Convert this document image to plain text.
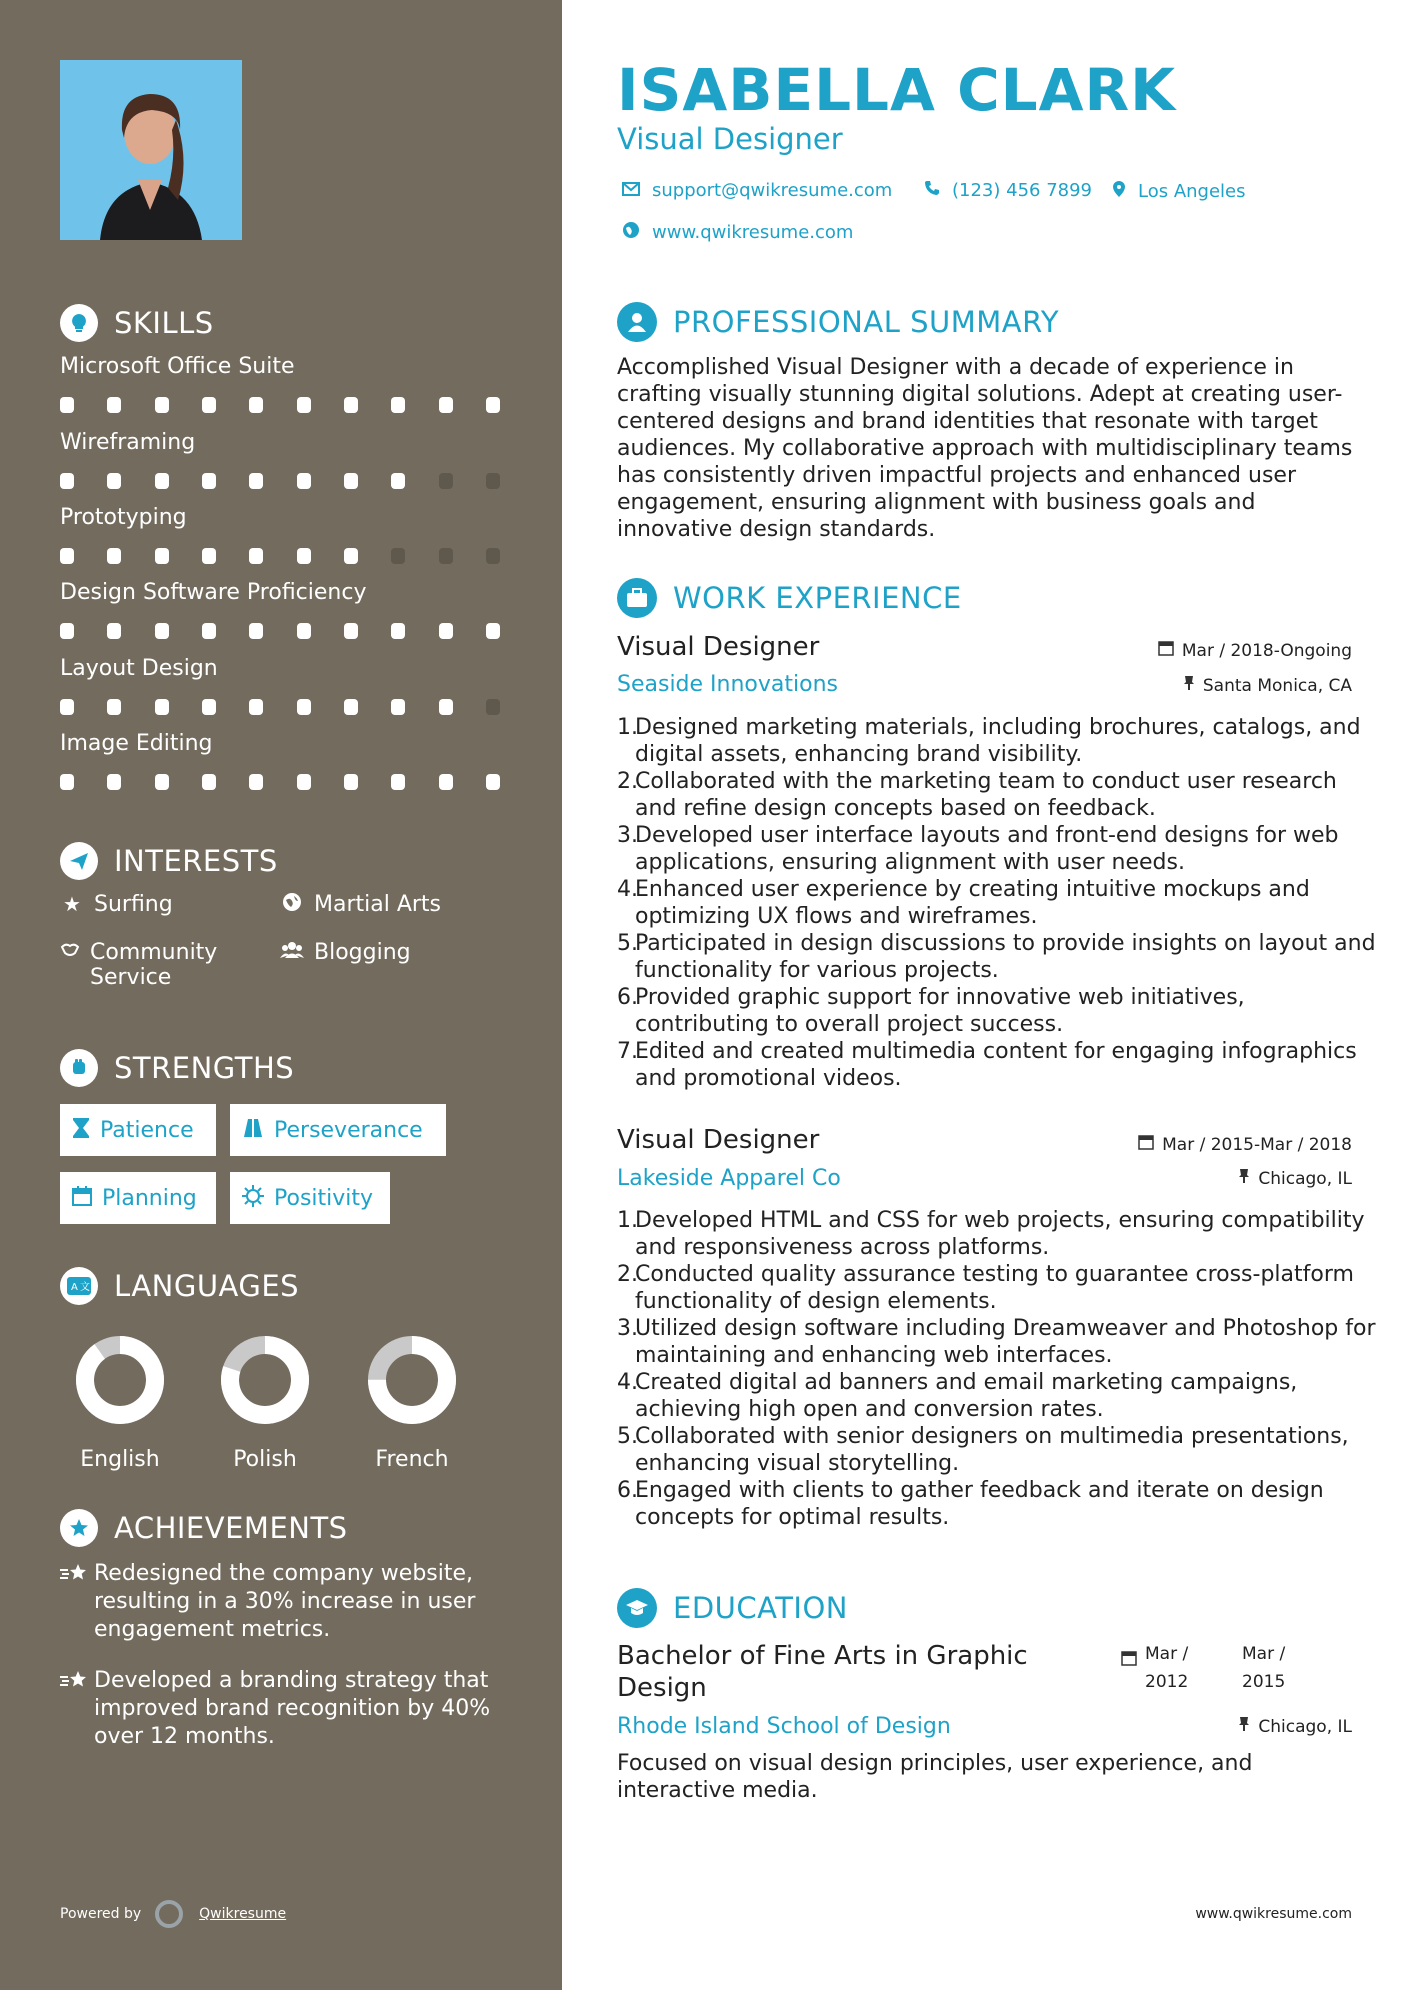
SKILLS
Microsoft Office Suite
Wireframing
Prototyping
Design Software Proficiency
Layout Design
Image Editing
INTERESTS
★ Surfing	Martial Arts
Community Service
Blogging
STRENGTHS
Patience	Perseverance
Planning	Positivity
A 文 LANGUAGES
English	Polish	French
ACHIEVEMENTS
Redesigned the company website, resulting in a 30% increase in user engagement metrics.
Developed a branding strategy that improved brand recognition by 40% over 12 months.
Powered by	Qwikresume
ISABELLA CLARK
Visual Designer
support@qwikresume.com	(123) 456 7899	Los Angeles
www.qwikresume.com
PROFESSIONAL SUMMARY
Accomplished Visual Designer with a decade of experience in crafting visually stunning digital solutions. Adept at creating user-centered designs and brand identities that resonate with target audiences. My collaborative approach with multidisciplinary teams has consistently driven impactful projects and enhanced user engagement, ensuring alignment with business goals and innovative design standards.
WORK EXPERIENCE
Visual Designer
Seaside Innovations
Mar / 2018-Ongoing
Santa Monica, CA
1.
Designed marketing materials, including brochures, catalogs, and digital assets, enhancing brand visibility.
2.
Collaborated with the marketing team to conduct user research and refine design concepts based on feedback.
3.
Developed user interface layouts and front-end designs for web applications, ensuring alignment with user needs.
4.
Enhanced user experience by creating intuitive mockups and optimizing UX flows and wireframes.
5.
Participated in design discussions to provide insights on layout and functionality for various projects.
6.
Provided graphic support for innovative web initiatives, contributing to overall project success.
7.
Edited and created multimedia content for engaging infographics and promotional videos.
Visual Designer
Lakeside Apparel Co
Mar / 2015-Mar / 2018
Chicago, IL
1.
Developed HTML and CSS for web projects, ensuring compatibility and responsiveness across platforms.
2.
Conducted quality assurance testing to guarantee cross-platform functionality of design elements.
3.
Utilized design software including Dreamweaver and Photoshop for maintaining and enhancing web interfaces.
4.
Created digital ad banners and email marketing campaigns, achieving high open and conversion rates.
5.
Collaborated with senior designers on multimedia presentations, enhancing visual storytelling.
6.
Engaged with clients to gather feedback and iterate on design concepts for optimal results.
EDUCATION
Bachelor of Fine Arts in Graphic Design
Rhode Island School of Design
Mar / 2012
Mar / 2015
Chicago, IL
Focused on visual design principles, user experience, and interactive media.
www.qwikresume.com
